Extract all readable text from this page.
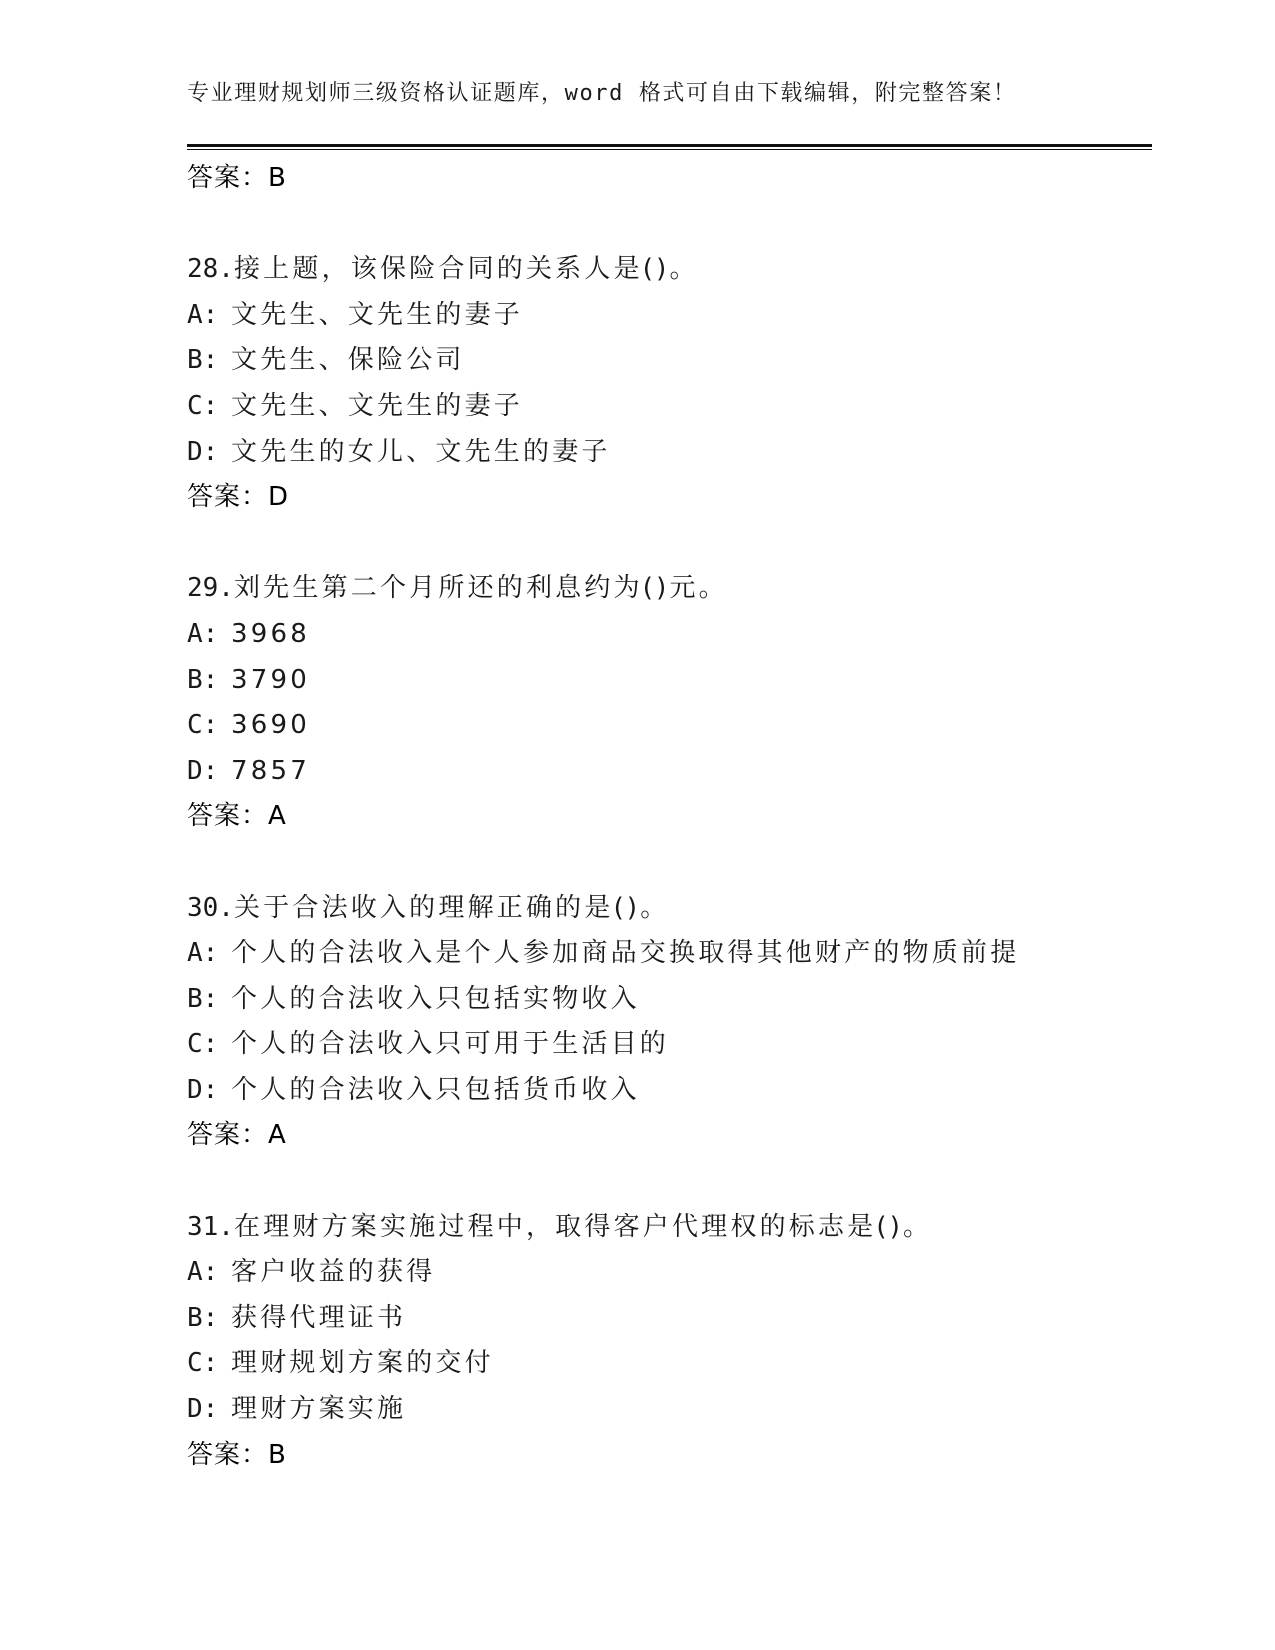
专业理财规划师三级资格认证题库，word 格式可自由下载编辑，附完整答案！
答案：B
28.接上题，该保险合同的关系人是()。
A: 文先生、文先生的妻子
B: 文先生、保险公司
C: 文先生、文先生的妻子
D: 文先生的女儿、文先生的妻子
答案：D
29.刘先生第二个月所还的利息约为()元。
A: 3968
B: 3790
C: 3690
D: 7857
答案：A
30.关于合法收入的理解正确的是()。
A: 个人的合法收入是个人参加商品交换取得其他财产的物质前提
B: 个人的合法收入只包括实物收入
C: 个人的合法收入只可用于生活目的
D: 个人的合法收入只包括货币收入
答案：A
31.在理财方案实施过程中，取得客户代理权的标志是()。
A: 客户收益的获得
B: 获得代理证书
C: 理财规划方案的交付
D: 理财方案实施
答案：B
